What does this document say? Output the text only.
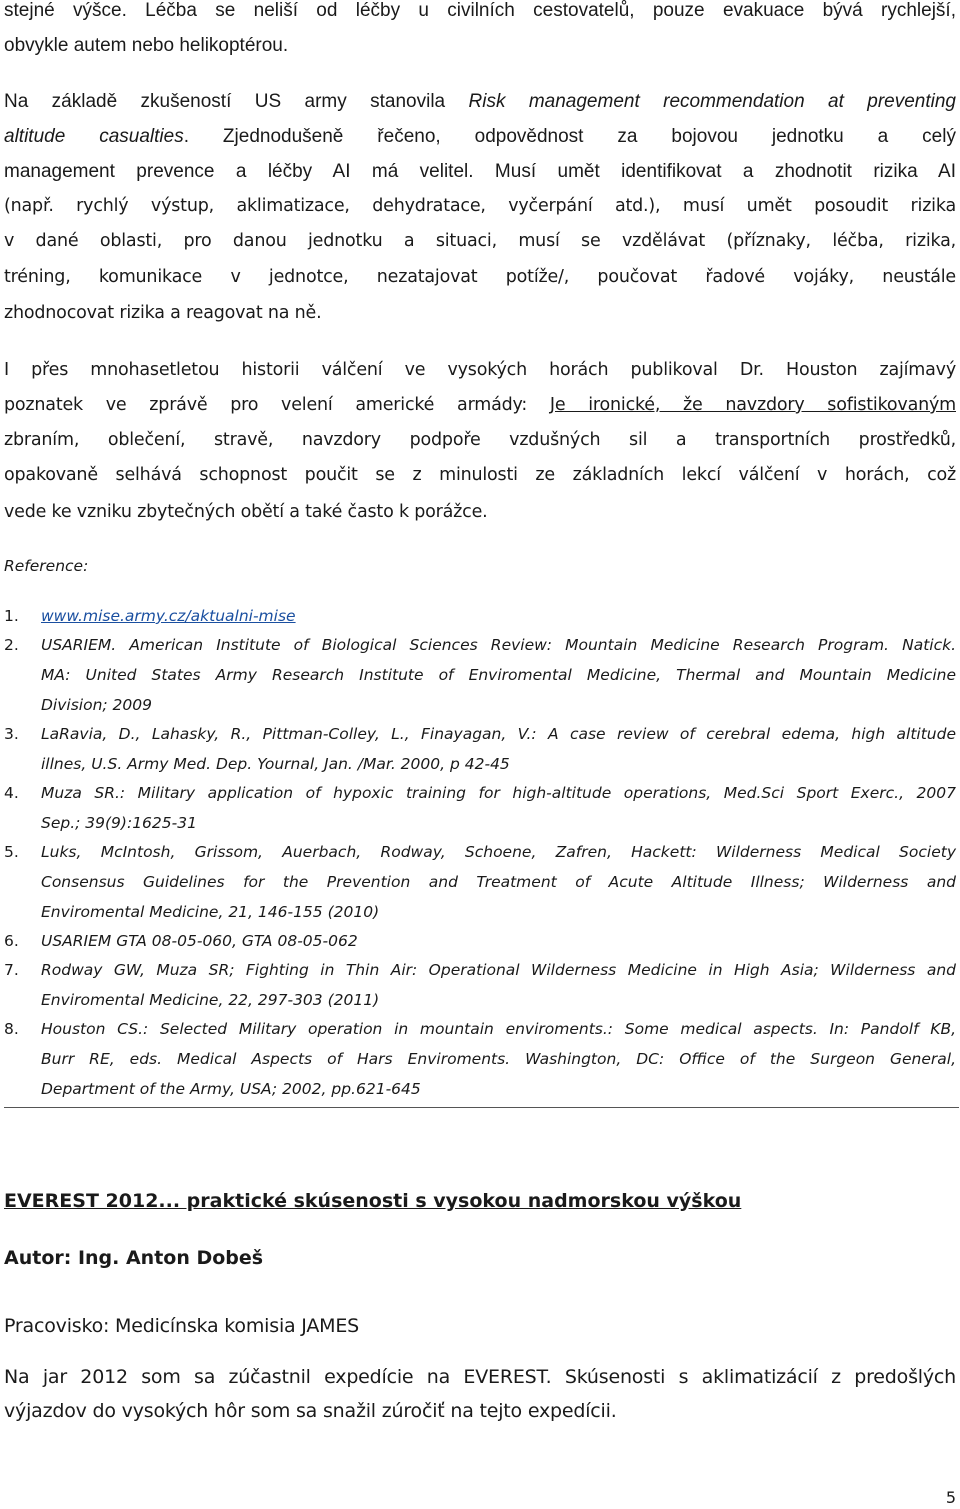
stejné výšce. Léčba se neliší od léčby u civilních cestovatelů, pouze evakuace bývá rychlejší,
obvykle autem nebo helikoptérou.
Na základě zkušeností US army stanovila Risk management recommendation at preventing
altitude casualties. Zjednodušeně řečeno, odpovědnost za bojovou jednotku a celý
management prevence a léčby AI má velitel. Musí umět identifikovat a zhodnotit rizika AI
(např. rychlý výstup, aklimatizace, dehydratace, vyčerpání atd.), musí umět posoudit rizika
v dané oblasti, pro danou jednotku a situaci, musí se vzdělávat (příznaky, léčba, rizika,
tréning, komunikace v jednotce, nezatajovat potíže/, poučovat řadové vojáky, neustále
zhodnocovat rizika a reagovat na ně.
I přes mnohasetletou historii válčení ve vysokých horách publikoval Dr. Houston zajímavý
poznatek ve zprávě pro velení americké armády: Je ironické, že navzdory sofistikovaným
zbraním, oblečení, stravě, navzdory podpoře vzdušných sil a transportních prostředků,
opakovaně selhává schopnost poučit se z minulosti ze základních lekcí válčení v horách, což
vede ke vzniku zbytečných obětí a také často k porážce.
Reference:
1. www.mise.army.cz/aktualni-mise
2. USARIEM. American Institute of Biological Sciences Review: Mountain Medicine Research Program. Natick.
MA: United States Army Research Institute of Enviromental Medicine, Thermal and Mountain Medicine
Division; 2009
3. LaRavia, D., Lahasky, R., Pittman-Colley, L., Finayagan, V.: A case review of cerebral edema, high altitude
illnes, U.S. Army Med. Dep. Yournal, Jan. /Mar. 2000, p 42-45
4. Muza SR.: Military application of hypoxic training for high-altitude operations, Med.Sci Sport Exerc., 2007
Sep.; 39(9):1625-31
5. Luks, McIntosh, Grissom, Auerbach, Rodway, Schoene, Zafren, Hackett: Wilderness Medical Society
Consensus Guidelines for the Prevention and Treatment of Acute Altitude Illness; Wilderness and
Enviromental Medicine, 21, 146-155 (2010)
6. USARIEM GTA 08-05-060, GTA 08-05-062
7. Rodway GW, Muza SR; Fighting in Thin Air: Operational Wilderness Medicine in High Asia; Wilderness and
Enviromental Medicine, 22, 297-303 (2011)
8. Houston CS.: Selected Military operation in mountain enviroments.: Some medical aspects. In: Pandolf KB,
Burr RE, eds. Medical Aspects of Hars Enviroments. Washington, DC: Office of the Surgeon General,
Department of the Army, USA; 2002, pp.621-645
EVEREST 2012... praktické skúsenosti s vysokou nadmorskou výškou
Autor: Ing. Anton Dobeš
Pracovisko: Medicínska komisia JAMES
Na jar 2012 som sa zúčastnil expedície na EVEREST. Skúsenosti s aklimatizácií z predošlých
výjazdov do vysokých hôr som sa snažil zúročiť na tejto expedícii.
5
